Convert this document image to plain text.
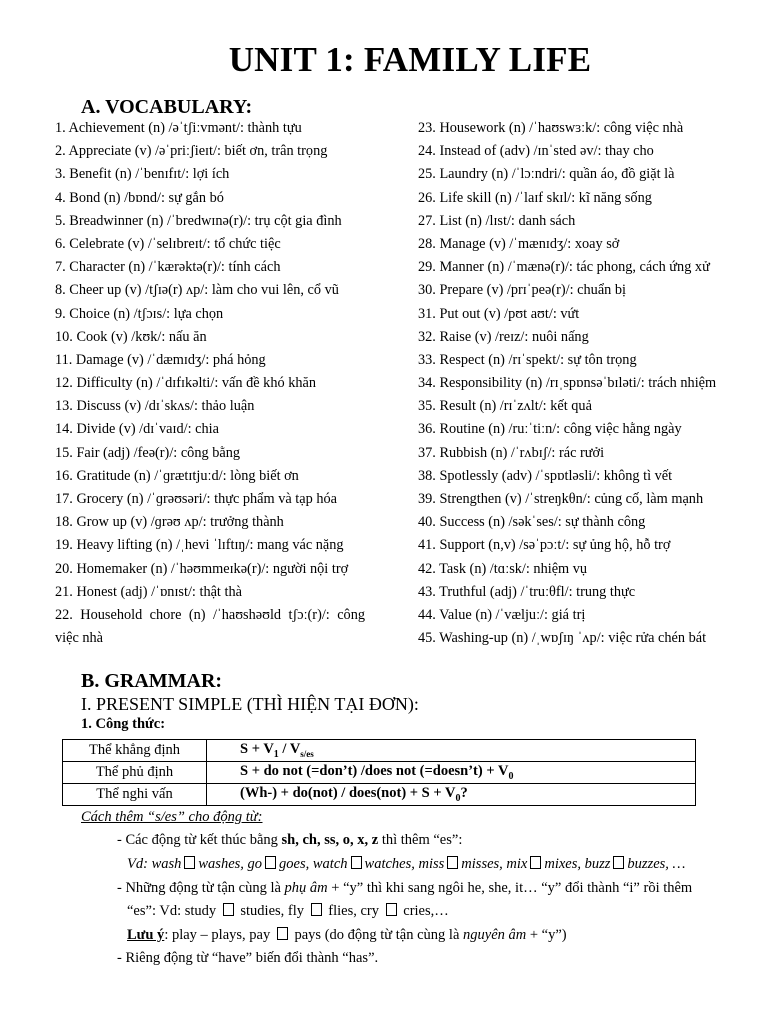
UNIT 1: FAMILY LIFE
A. VOCABULARY:
1. Achievement (n) /əˈtʃiːvmənt/: thành tựu
2. Appreciate (v) /əˈpriːʃieɪt/: biết ơn, trân trọng
3. Benefit (n) /ˈbenɪfɪt/: lợi ích
4. Bond (n) /bɒnd/: sự gắn bó
5. Breadwinner (n) /ˈbredwɪnə(r)/: trụ cột gia đình
6. Celebrate (v) /ˈselɪbreɪt/: tổ chức tiệc
7. Character (n) /ˈkærəktə(r)/: tính cách
8. Cheer up (v) /tʃɪə(r) ʌp/: làm cho vui lên, cổ vũ
9. Choice (n) /tʃɔɪs/: lựa chọn
10. Cook (v) /kʊk/: nấu ăn
11. Damage (v) /ˈdæmɪdʒ/: phá hỏng
12. Difficulty (n) /ˈdɪfɪkəlti/: vấn đề khó khăn
13. Discuss (v) /dɪˈskʌs/: thảo luận
14. Divide (v) /dɪˈvaɪd/: chia
15. Fair (adj) /feə(r)/: công bằng
16. Gratitude (n) /ˈɡrætɪtjuːd/: lòng biết ơn
17. Grocery (n) /ˈɡrəʊsəri/: thực phẩm và tạp hóa
18. Grow up (v) /ɡrəʊ ʌp/: trưởng thành
19. Heavy lifting (n) /ˌhevi ˈlɪftɪŋ/: mang vác nặng
20. Homemaker (n) /ˈhəʊmmeɪkə(r)/: người nội trợ
21. Honest (adj) /ˈɒnɪst/: thật thà
22. Household chore (n) /ˈhaʊshəʊld tʃɔː(r)/: công việc nhà
23. Housework (n) /ˈhaʊswɜːk/: công việc nhà
24. Instead of (adv) /ɪnˈsted əv/: thay cho
25. Laundry (n) /ˈlɔːndri/: quần áo, đồ giặt là
26. Life skill (n) /ˈlaɪf skɪl/: kĩ năng sống
27. List (n) /lɪst/: danh sách
28. Manage (v) /ˈmænɪdʒ/: xoay sở
29. Manner (n) /ˈmænə(r)/: tác phong, cách ứng xử
30. Prepare (v) /prɪˈpeə(r)/: chuẩn bị
31. Put out (v) /pʊt aʊt/: vứt
32. Raise (v) /reɪz/: nuôi nấng
33. Respect (n) /rɪˈspekt/: sự tôn trọng
34. Responsibility (n) /rɪˌspɒnsəˈbɪləti/: trách nhiệm
35. Result (n) /rɪˈzʌlt/: kết quả
36. Routine (n) /ruːˈtiːn/: công việc hằng ngày
37. Rubbish (n) /ˈrʌbɪʃ/: rác rưởi
38. Spotlessly (adv) /ˈspɒtləsli/: không tì vết
39. Strengthen (v) /ˈstreŋkθn/: củng cố, làm mạnh
40. Success (n) /səkˈses/: sự thành công
41. Support (n,v) /səˈpɔːt/: sự ủng hộ, hỗ trợ
42. Task (n) /tɑːsk/: nhiệm vụ
43. Truthful (adj) /ˈtruːθfl/: trung thực
44. Value (n) /ˈvæljuː/: giá trị
45. Washing-up (n) /ˌwɒʃɪŋ ˈʌp/: việc rửa chén bát
B. GRAMMAR:
I. PRESENT SIMPLE (THÌ HIỆN TẠI ĐƠN):
1. Công thức:
Thể khẳng định	$S + V_1 / V_{s/es}$
Thể phủ định	S + do not (=don’t) /does not (=doesn’t) + $V_0$
Thể nghi vấn	(Wh-) + do(not) / does(not) + $S + V_0$?
Cách thêm “s/es” cho động từ:
- Các động từ kết thúc bằng sh, ch, ss, o, x, z thì thêm “es”:
Vd: wash washes, go goes, watch watches, miss misses, mix mixes, buzz buzzes, …
- Những động từ tận cùng là phụ âm + “y” thì khi sang ngôi he, she, it… “y” đổi thành “i” rồi thêm
“es”: Vd: study  studies, fly  flies, cry  cries,…
Lưu ý: play – plays, pay  pays (do động từ tận cùng là nguyên âm + “y”)
- Riêng động từ “have” biến đổi thành “has”.
